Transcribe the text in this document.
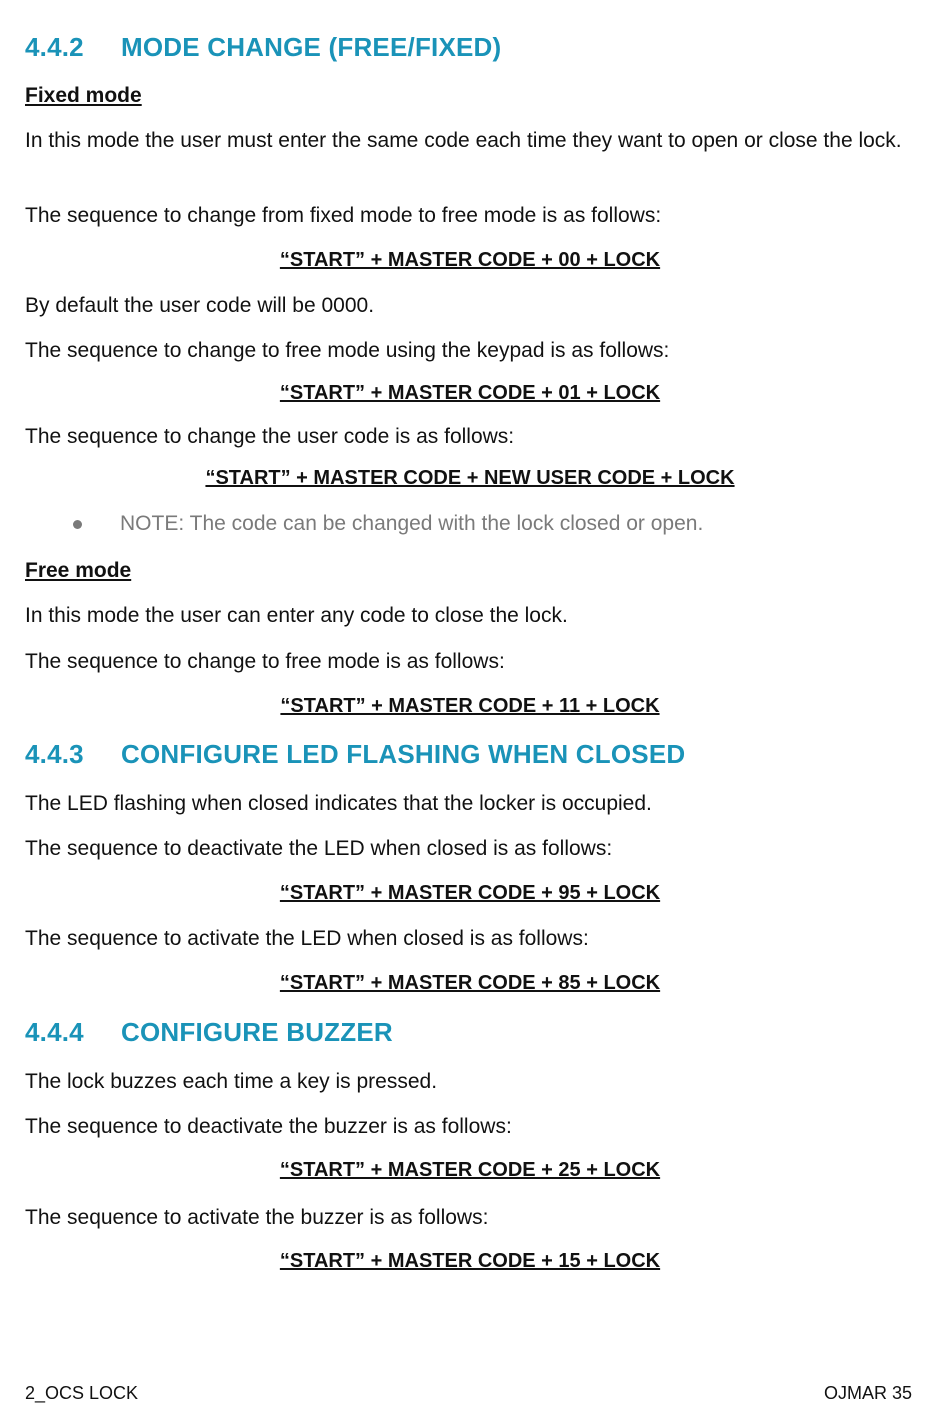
4.4.2 MODE CHANGE (FREE/FIXED)
Fixed mode
In this mode the user must enter the same code each time they want to open or close the lock.
The sequence to change from fixed mode to free mode is as follows:
“START” + MASTER CODE + 00 + LOCK
By default the user code will be 0000.
The sequence to change to free mode using the keypad is as follows:
“START” + MASTER CODE + 01 + LOCK
The sequence to change the user code is as follows:
“START” + MASTER CODE + NEW USER CODE + LOCK
NOTE: The code can be changed with the lock closed or open.
Free mode
In this mode the user can enter any code to close the lock.
The sequence to change to free mode is as follows:
“START” + MASTER CODE + 11 + LOCK
4.4.3 CONFIGURE LED FLASHING WHEN CLOSED
The LED flashing when closed indicates that the locker is occupied.
The sequence to deactivate the LED when closed is as follows:
“START” + MASTER CODE + 95 + LOCK
The sequence to activate the LED when closed is as follows:
“START” + MASTER CODE + 85 + LOCK
4.4.4 CONFIGURE BUZZER
The lock buzzes each time a key is pressed.
The sequence to deactivate the buzzer is as follows:
“START” + MASTER CODE + 25 + LOCK
The sequence to activate the buzzer is as follows:
“START” + MASTER CODE + 15 + LOCK
2_OCS LOCK	OJMAR 35
